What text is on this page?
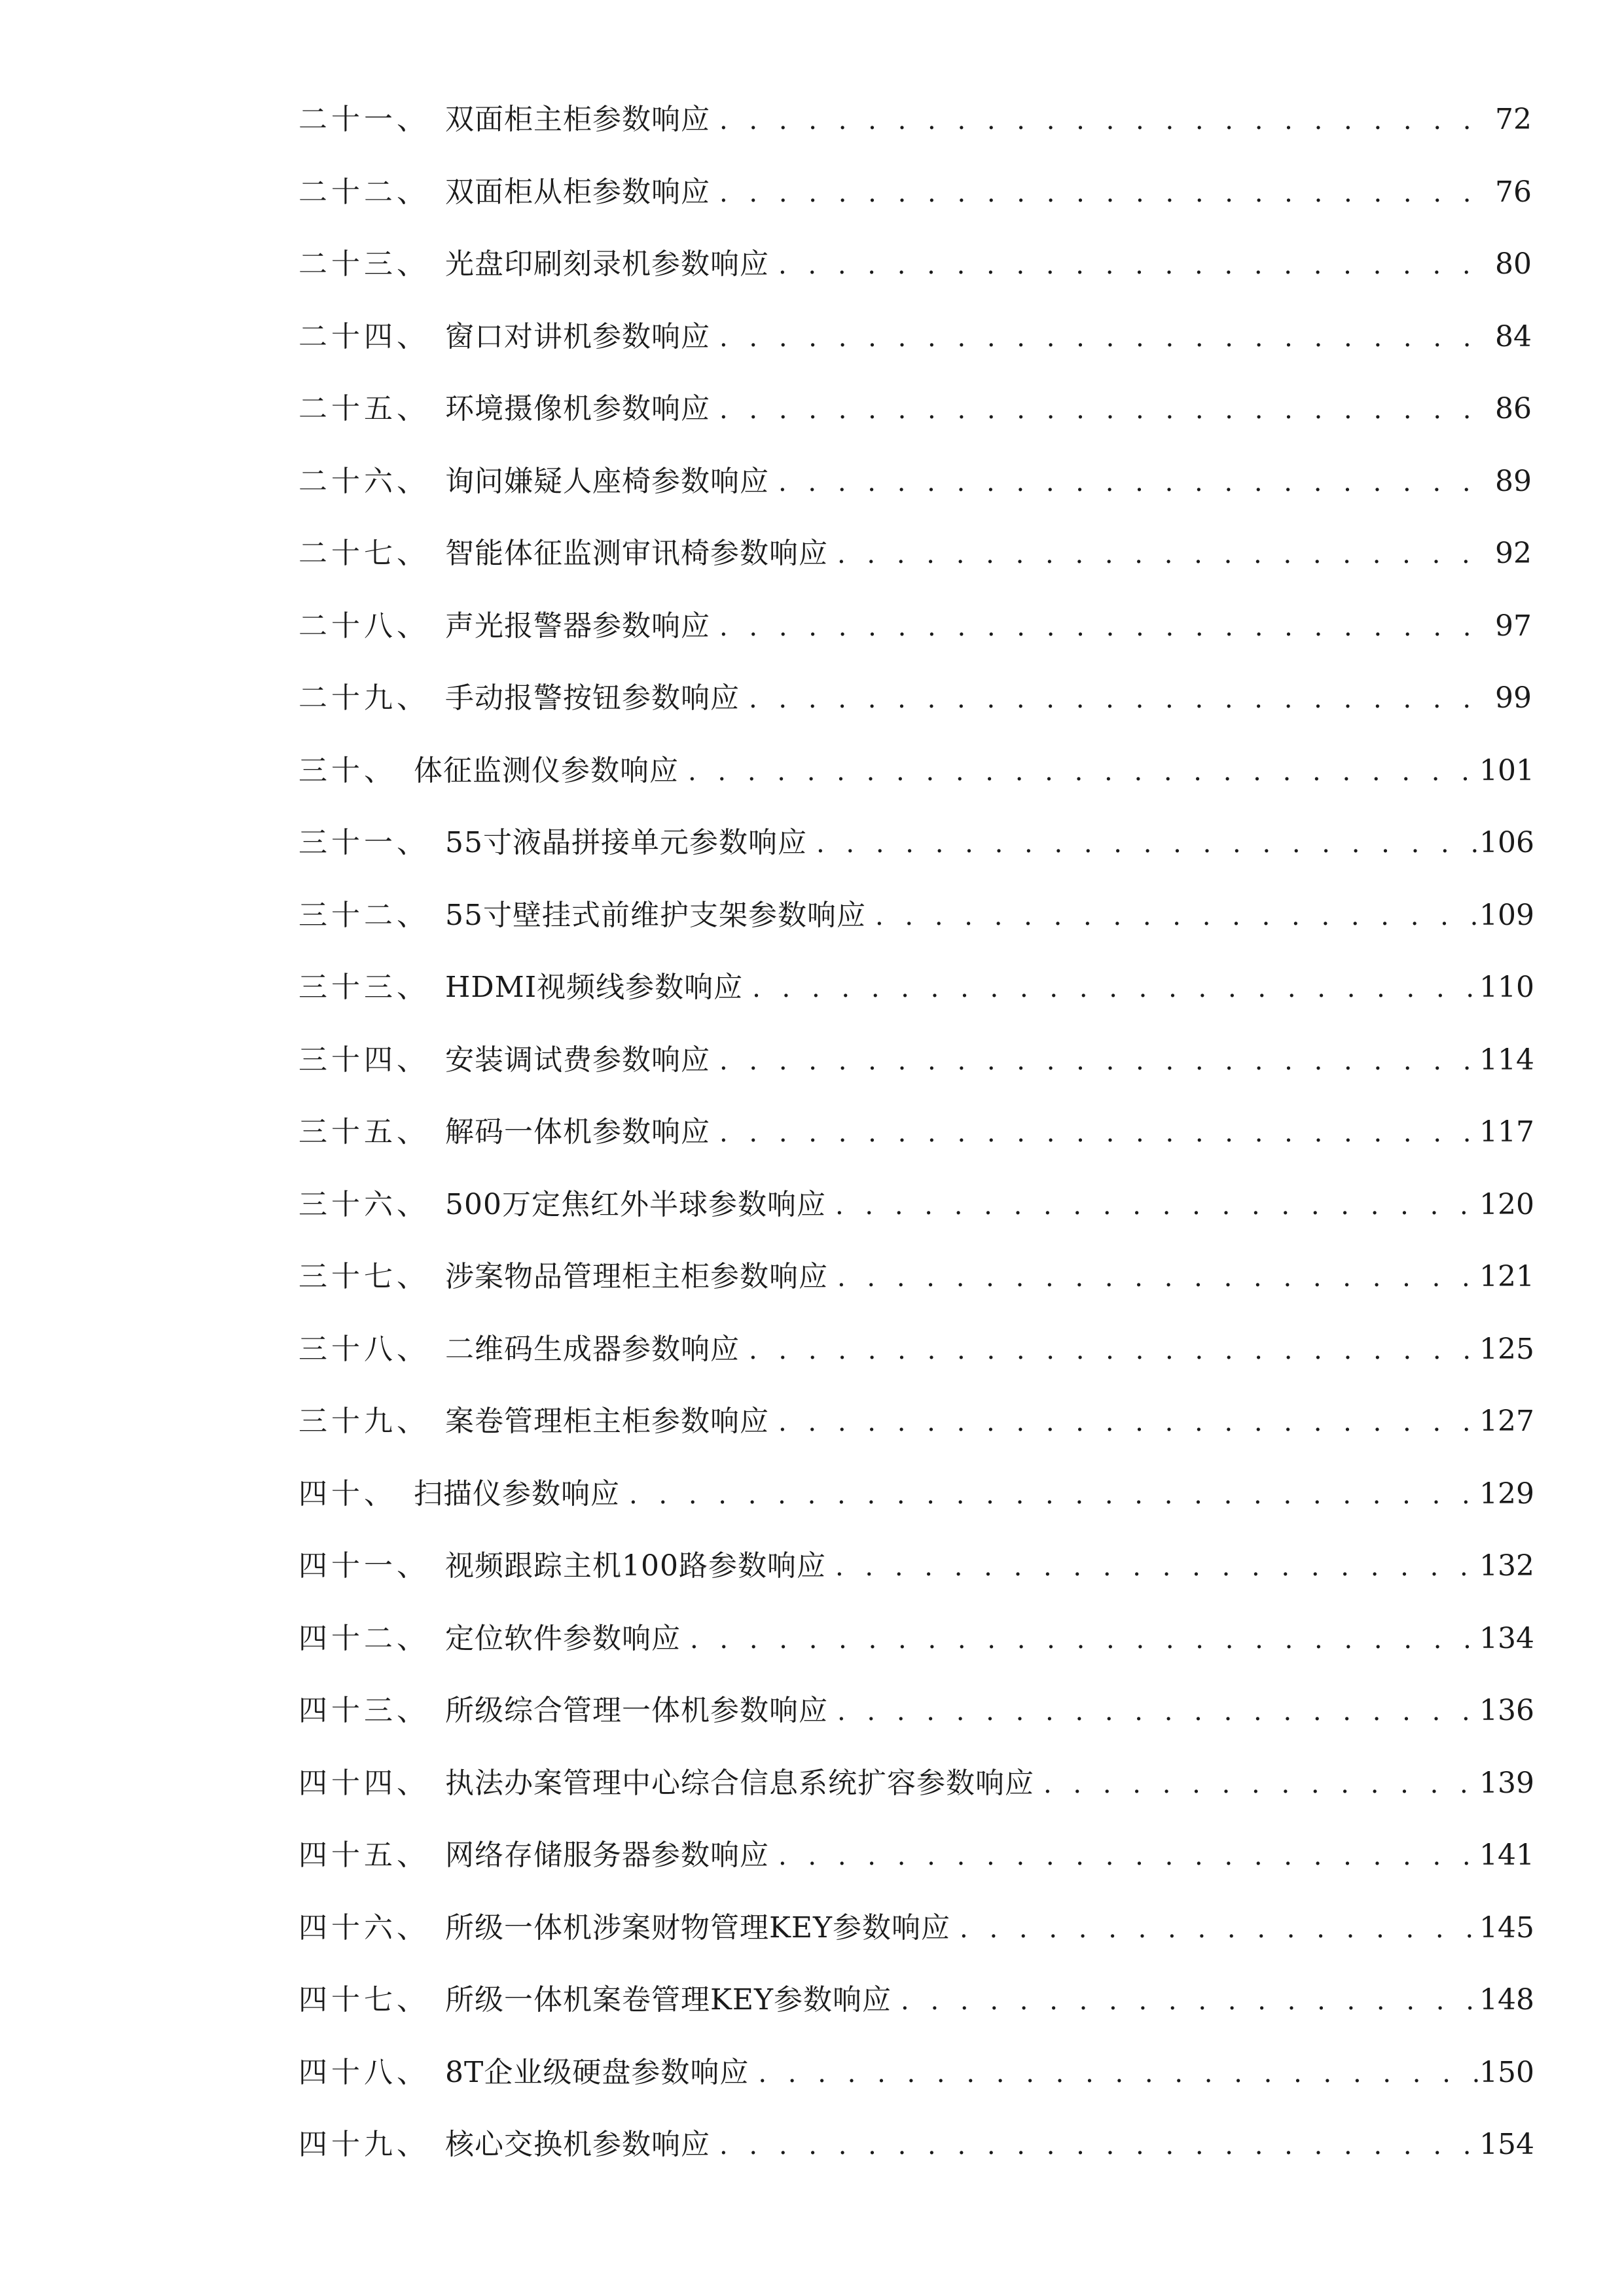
二十一、 双面柜主柜参数响应 . . .	72
二十二、 双面柜从柜参数响应 . . .	76
二十三、 光盘印刷刻录机参数响应 . . .	80
二十四、 窗口对讲机参数响应 . . .	84
二十五、 环境摄像机参数响应 . . .	86
二十六、 询问嫌疑人座椅参数响应 . . .	89
二十七、 智能体征监测审讯椅参数响应 . . .	92
二十八、 声光报警器参数响应 . . .	97
二十九、 手动报警按钮参数响应 . . .	99
三十、 体征监测仪参数响应 . . .	101
三十一、 55寸液晶拼接单元参数响应 . . .	106
三十二、 55寸壁挂式前维护支架参数响应 . . .	109
三十三、 HDMI视频线参数响应 . . .	110
三十四、 安装调试费参数响应 . . .	114
三十五、 解码一体机参数响应 . . .	117
三十六、 500万定焦红外半球参数响应 . . .	120
三十七、 涉案物品管理柜主柜参数响应 . . .	121
三十八、 二维码生成器参数响应 . . .	125
三十九、 案卷管理柜主柜参数响应 . . .	127
四十、 扫描仪参数响应 . . .	129
四十一、 视频跟踪主机100路参数响应 . . .	132
四十二、 定位软件参数响应 . . .	134
四十三、 所级综合管理一体机参数响应 . . .	136
四十四、 执法办案管理中心综合信息系统扩容参数响应 . . .	139
四十五、 网络存储服务器参数响应 . . .	141
四十六、 所级一体机涉案财物管理KEY参数响应 . . .	145
四十七、 所级一体机案卷管理KEY参数响应 . . .	148
四十八、 8T企业级硬盘参数响应 . . .	150
四十九、 核心交换机参数响应 . . .	154
